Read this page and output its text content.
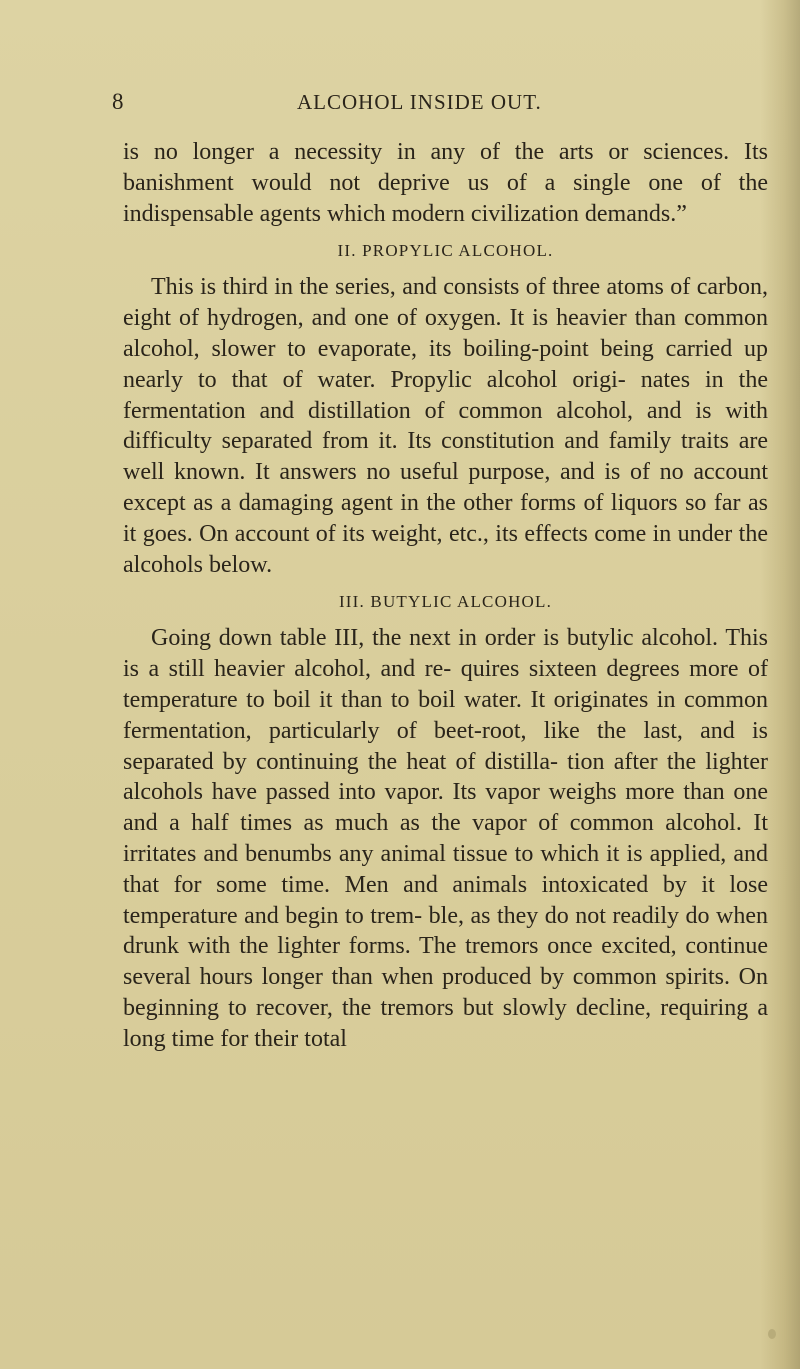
8	ALCOHOL INSIDE OUT.

is no longer a necessity in any of the arts or sciences. Its banishment would not deprive us of a single one of the indispensable agents which modern civilization demands.”

II. PROPYLIC ALCOHOL.

This is third in the series, and consists of three atoms of carbon, eight of hydrogen, and one of oxygen. It is heavier than common alcohol, slower to evaporate, its boiling-point being carried up nearly to that of water. Propylic alcohol origi- nates in the fermentation and distillation of common alcohol, and is with difficulty separated from it. Its constitution and family traits are well known. It answers no useful purpose, and is of no account except as a damaging agent in the other forms of liquors so far as it goes. On account of its weight, etc., its effects come in under the alcohols below.

III. BUTYLIC ALCOHOL.

Going down table III, the next in order is butylic alcohol. This is a still heavier alcohol, and re- quires sixteen degrees more of temperature to boil it than to boil water. It originates in common fermentation, particularly of beet-root, like the last, and is separated by continuing the heat of distilla- tion after the lighter alcohols have passed into vapor. Its vapor weighs more than one and a half times as much as the vapor of common alcohol. It irritates and benumbs any animal tissue to which it is applied, and that for some time. Men and animals intoxicated by it lose temperature and begin to trem- ble, as they do not readily do when drunk with the lighter forms. The tremors once excited, continue several hours longer than when produced by common spirits. On beginning to recover, the tremors but slowly decline, requiring a long time for their total
